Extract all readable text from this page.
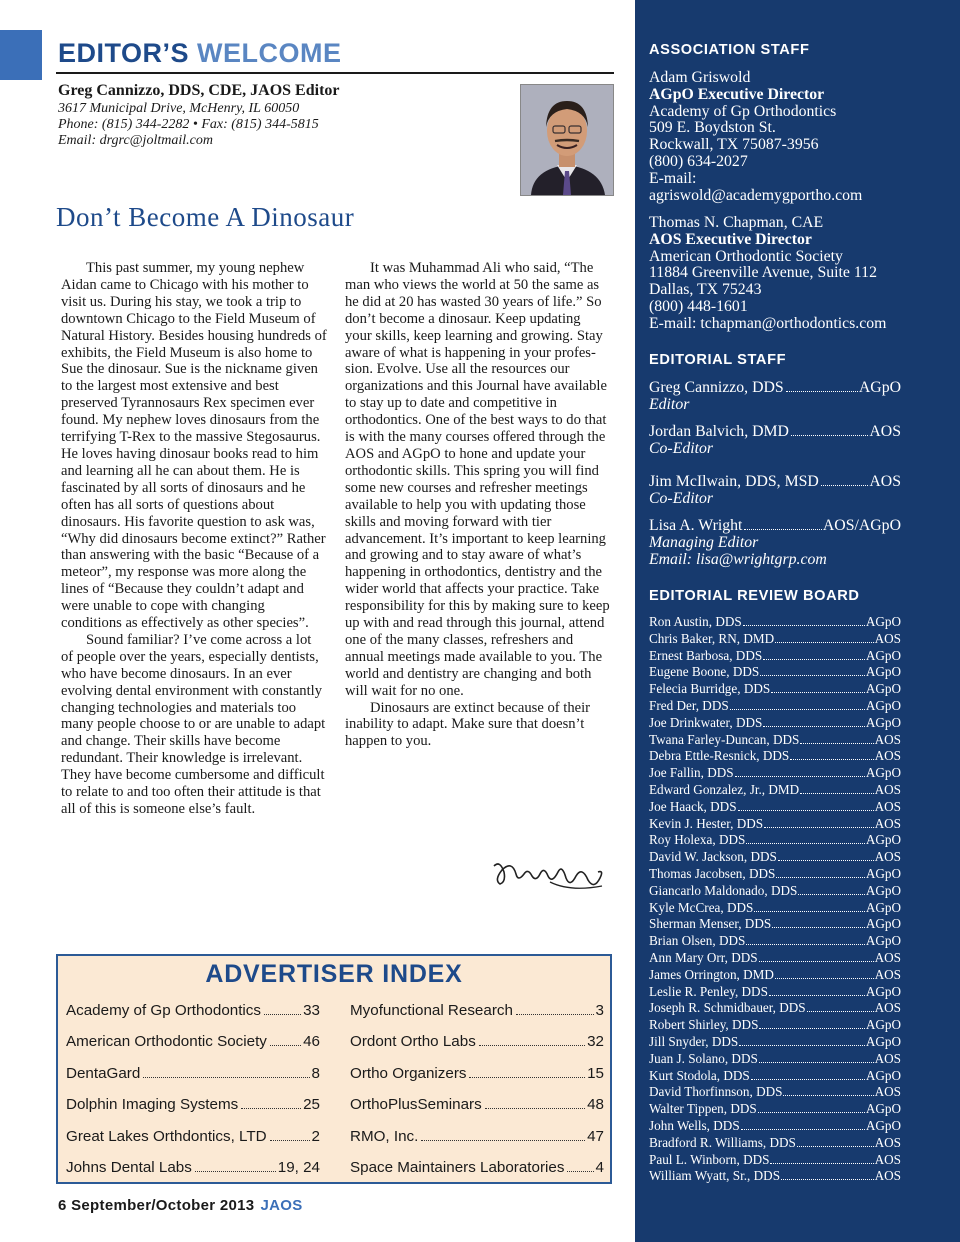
EDITOR’S WELCOME
Greg Cannizzo, DDS, CDE, JAOS Editor
3617 Municipal Drive, McHenry, IL 60050
Phone: (815) 344-2282 • Fax: (815) 344-5815
Email: drgrc@joltmail.com
Don’t Become A Dinosaur

This past summer, my young nephew Aidan came to Chicago with his mother to visit us. During his stay, we took a trip to downtown Chicago to the Field Museum of Natural History. Besides housing hundreds of exhibits, the Field Museum is also home to Sue the dinosaur. Sue is the nickname given to the largest most extensive and best preserved Tyrannosaurs Rex specimen ever found. My nephew loves dinosaurs from the terrifying T-Rex to the massive Stegosaurus. He loves having dinosaur books read to him and learning all he can about them. He is fascinated by all sorts of dinosaurs and he often has all sorts of questions about dinosaurs. His favorite question to ask was, “Why did dinosaurs become extinct?” Rather than answering with the basic “Because of a meteor”, my response was more along the lines of “Because they couldn’t adapt and were unable to cope with changing conditions as effectively as other species”.

Sound familiar? I’ve come across a lot of people over the years, especially dentists, who have become dinosaurs. In an ever evolving dental environment with constantly changing technologies and materials too many people choose to or are unable to adapt and change. Their skills have become redundant. Their knowledge is irrelevant. They have become cumbersome and difficult to relate to and too often their attitude is that all of this is someone else’s fault.

It was Muhammad Ali who said, “The man who views the world at 50 the same as he did at 20 has wasted 30 years of life.” So don’t become a dinosaur. Keep updating your skills, keep learning and growing. Stay aware of what is happening in your profession. Evolve. Use all the resources our organizations and this Journal have available to stay up to date and competitive in orthodontics. One of the best ways to do that is with the many courses offered through the AOS and AGpO to hone and update your orthodontic skills. This spring you will find some new courses and refresher meetings available to help you with updating those skills and moving forward with tier advancement. It’s important to keep learning and growing and to stay aware of what’s happening in orthodontics, dentistry and the wider world that affects your practice. Take responsibility for this by making sure to keep up with and read through this journal, attend one of the many classes, refreshers and annual meetings made available to you. The world and dentistry are changing and both will wait for no one.

Dinosaurs are extinct because of their inability to adapt. Make sure that doesn’t happen to you.

ADVERTISER INDEX
Academy of Gp Orthodontics	33
American Orthodontic Society 46
DentaGard	8
Dolphin Imaging Systems	25
Great Lakes Orthdontics, LTD	2
Johns Dental Labs	19, 24
Myofunctional Research	3
Ordont Ortho Labs	32
Ortho Organizers	15
OrthoPlusSeminars	48
RMO, Inc.	47
Space Maintainers Laboratories 4
6 September/October 2013 JAOS
ASSOCIATION STAFF
Adam Griswold
AGpO Executive Director
Academy of Gp Orthodontics
509 E. Boydston St.
Rockwall, TX 75087-3956
(800) 634-2027
E-mail:
agriswold@academygportho.com
Thomas N. Chapman, CAE
AOS Executive Director
American Orthodontic Society
11884 Greenville Avenue, Suite 112
Dallas, TX 75243
(800) 448-1601
E-mail: tchapman@orthodontics.com
EDITORIAL STAFF
Greg Cannizzo, DDS	AGpO
Editor
Jordan Balvich, DMD	AOS
Co-Editor
Jim McIlwain, DDS, MSD	AOS
Co-Editor
Lisa A. Wright	AOS/AGpO
Managing Editor
Email: lisa@wrightgrp.com
EDITORIAL REVIEW BOARD
Ron Austin, DDS	AGpO
Chris Baker, RN, DMD	AOS
Ernest Barbosa, DDS	AGpO
Eugene Boone, DDS	AGpO
Felecia Burridge, DDS	AGpO
Fred Der, DDS	AGpO
Joe Drinkwater, DDS	AGpO
Twana Farley-Duncan, DDS	AOS
Debra Ettle-Resnick, DDS	AOS
Joe Fallin, DDS	AGpO
Edward Gonzalez, Jr., DMD	AOS
Joe Haack, DDS	AOS
Kevin J. Hester, DDS	AOS
Roy Holexa, DDS	AGpO
David W. Jackson, DDS	AOS
Thomas Jacobsen, DDS	AGpO
Giancarlo Maldonado, DDS	AGpO
Kyle McCrea, DDS	AGpO
Sherman Menser, DDS	AGpO
Brian Olsen, DDS	AGpO
Ann Mary Orr, DDS	AOS
James Orrington, DMD	AOS
Leslie R. Penley, DDS	AGpO
Joseph R. Schmidbauer, DDS	AOS
Robert Shirley, DDS	AGpO
Jill Snyder, DDS	AGpO
Juan J. Solano, DDS	AOS
Kurt Stodola, DDS	AGpO
David Thorfinnson, DDS	AOS
Walter Tippen, DDS	AGpO
John Wells, DDS	AGpO
Bradford R. Williams, DDS	AOS
Paul L. Winborn, DDS	AOS
William Wyatt, Sr., DDS	AOS
